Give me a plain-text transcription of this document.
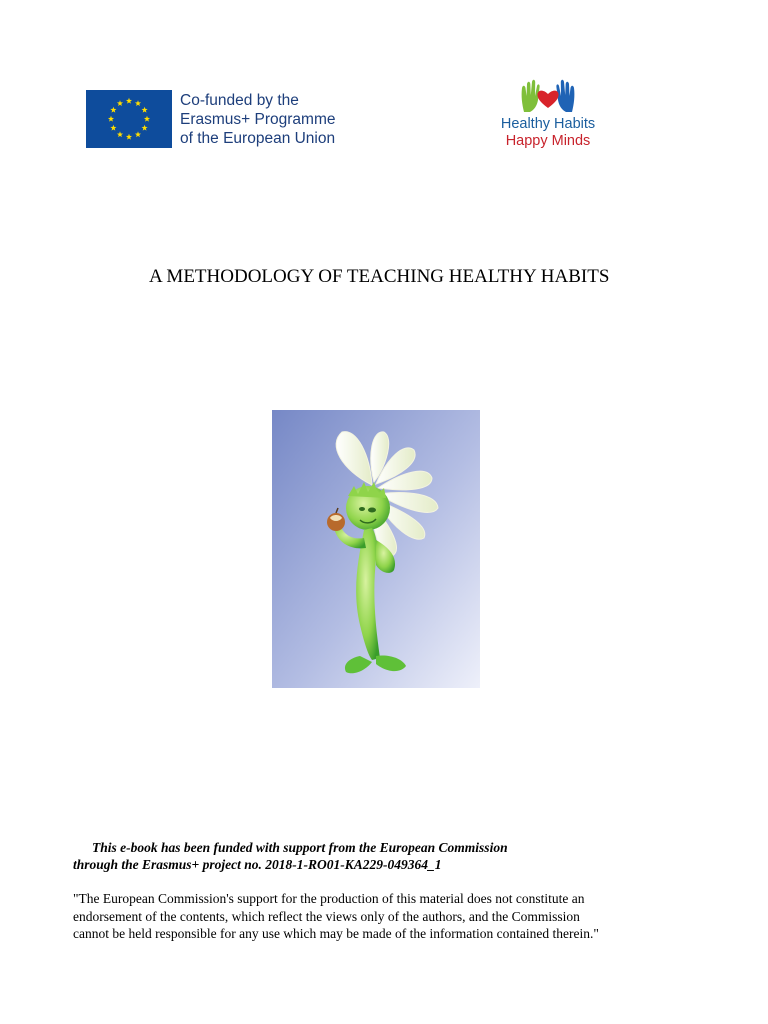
Co-funded by the
Erasmus+ Programme
of the European Union
Healthy Habits
Happy Minds
A METHODOLOGY OF TEACHING HEALTHY HABITS
This e-book has been funded with support from the European Commission
through the Erasmus+ project no. 2018-1-RO01-KA229-049364_1
"The European Commission's support for the production of this material does not constitute an
endorsement of the contents, which reflect the views only of the authors, and the Commission
cannot be held responsible for any use which may be made of the information contained therein."
